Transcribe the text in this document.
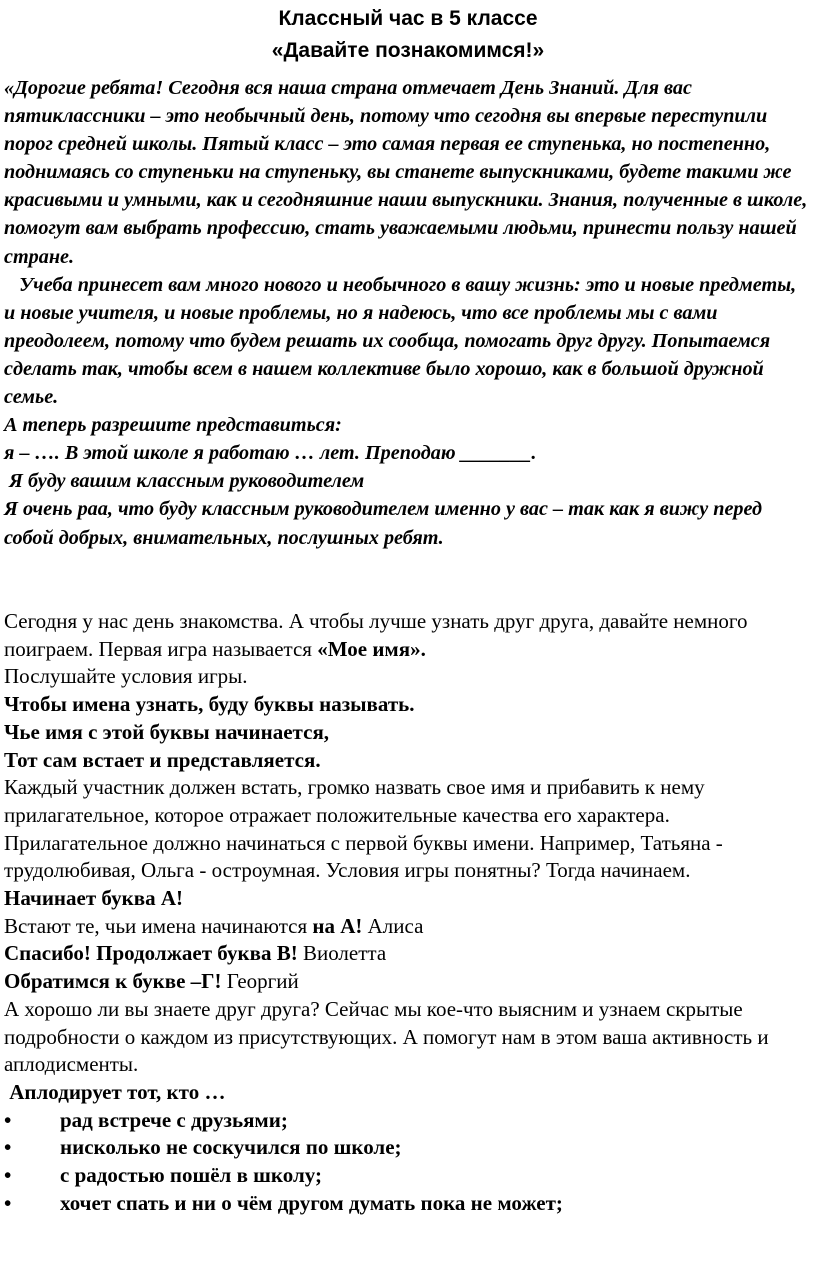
Классный час в 5 классе
«Давайте познакомимся!»

«Дорогие ребята! Сегодня вся наша страна отмечает День Знаний. Для вас пятиклассники – это необычный день, потому что сегодня вы впервые переступили порог средней школы. Пятый класс – это самая первая ее ступенька, но постепенно, поднимаясь со ступеньки на ступеньку, вы станете выпускниками, будете такими же красивыми и умными, как и сегодняшние наши выпускники. Знания, полученные в школе, помогут вам выбрать профессию, стать уважаемыми людьми, принести пользу нашей стране.

Учеба принесет вам много нового и необычного в вашу жизнь: это и новые предметы, и новые учителя, и новые проблемы, но я надеюсь, что все проблемы мы с вами преодолеем, потому что будем решать их сообща, помогать друг другу. Попытаемся сделать так, чтобы всем в нашем коллективе было хорошо, как в большой дружной семье.

А теперь разрешите представиться:

я – …. В этой школе я работаю … лет. Преподаю _______.

Я буду вашим классным руководителем

Я очень раа, что буду классным руководителем именно у вас – так как я вижу перед собой добрых, внимательных, послушных ребят.

Сегодня у нас день знакомства. А чтобы лучше узнать друг друга, давайте немного поиграем. Первая игра называется «Мое имя».

Послушайте условия игры.

Чтобы имена узнать, буду буквы называть.

Чье имя с этой буквы начинается,

Тот сам встает и представляется.

Каждый участник должен встать, громко назвать свое имя и прибавить к нему прилагательное, которое отражает положительные качества его характера. Прилагательное должно начинаться с первой буквы имени. Например, Татьяна - трудолюбивая, Ольга - остроумная. Условия игры понятны? Тогда начинаем.

Начинает буква А!

Встают те, чьи имена начинаются на А! Алиса

Спасибо! Продолжает буква В! Виолетта

Обратимся к букве –Г! Георгий

А хорошо ли вы знаете друг друга? Сейчас мы кое-что выясним и узнаем скрытые подробности о каждом из присутствующих. А помогут нам в этом ваша активность и аплодисменты.

Аплодирует тот, кто …

• рад встрече с друзьями;
• нисколько не соскучился по школе;
• с радостью пошёл в школу;
• хочет спать и ни о чём другом думать пока не может;
